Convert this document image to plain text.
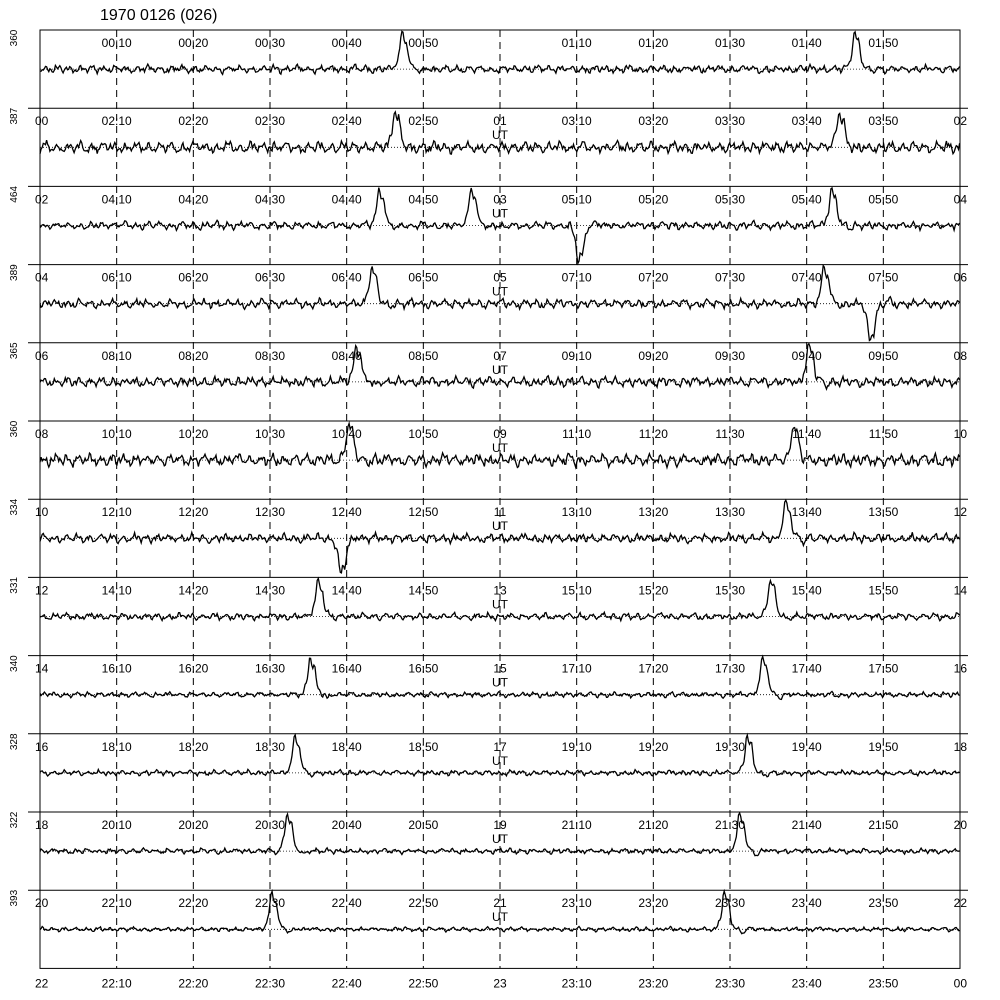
1970 0126 (026)
360	00:10	00:20	00:30	00:40	00:50	01:10	01:20	01:30	01:40	01:50
387 00	02:10	02:20	02:30	02:40	02:50	01	03:10	03:20	03:30	03:40	03:50	02
UT
464 02	04:10	04:20	04:30	04:40	04:50	03	05:10	05:20	05:30	05:40	05:50	04
UT
389 04	06:10	06:20	06:30	06:40	06:50	05	07:10	07:20	07:30	07:40	07:50	06
UT
365 06	08:10	08:20	08:30	08:40	08:50	07	09:10	09:20	09:30	09:40	09:50	08
UT
360 08	10:10	10:20	10:30	10:40	10:50	09	11:10	11:20	11:30	11:40	11:50	10
UT
334 10	12:10	12:20	12:30	12:40	12:50	11	13:10	13:20	13:30	13:40	13:50	12
UT
331 12	14:10	14:20	14:30	14:40	14:50	13	15:10	15:20	15:30	15:40	15:50	14
UT
340 14	16:10	16:20	16:30	16:40	16:50	15	17:10	17:20	17:30	17:40	17:50	16
UT
328 16	18:10	18:20	18:30	18:40	18:50	17	19:10	19:20	19:30	19:40	19:50	18
UT
322 18	20:10	20:20	20:30	20:40	20:50	19	21:10	21:20	21:30	21:40	21:50	20
UT
393 20	22:10	22:20	22:30	22:40	22:50	21	23:10	23:20	23:30	23:40	23:50	22
UT
22	22:10	22:20	22:30	22:40	22:50	23	23:10	23:20	23:30	23:40	23:50	00
